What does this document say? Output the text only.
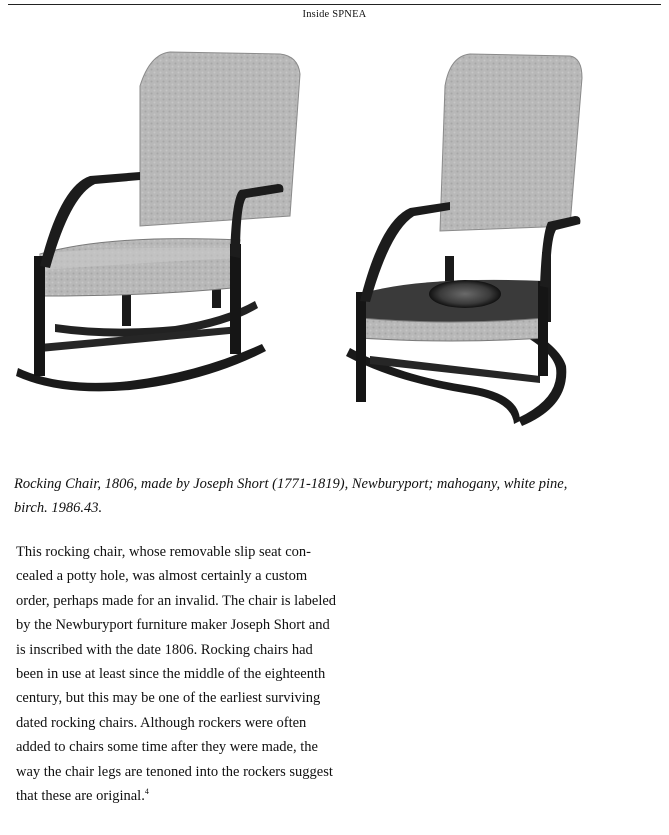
Inside SPNEA
Rocking Chair, 1806, made by Joseph Short (1771-1819), Newburyport; mahogany, white pine,
birch. 1986.43.
This rocking chair, whose removable slip seat con-
cealed a potty hole, was almost certainly a custom
order, perhaps made for an invalid. The chair is labeled
by the Newburyport furniture maker Joseph Short and
is inscribed with the date 1806. Rocking chairs had
been in use at least since the middle of the eighteenth
century, but this may be one of the earliest surviving
dated rocking chairs. Although rockers were often
added to chairs some time after they were made, the
way the chair legs are tenoned into the rockers suggest
that these are original.$^4$
